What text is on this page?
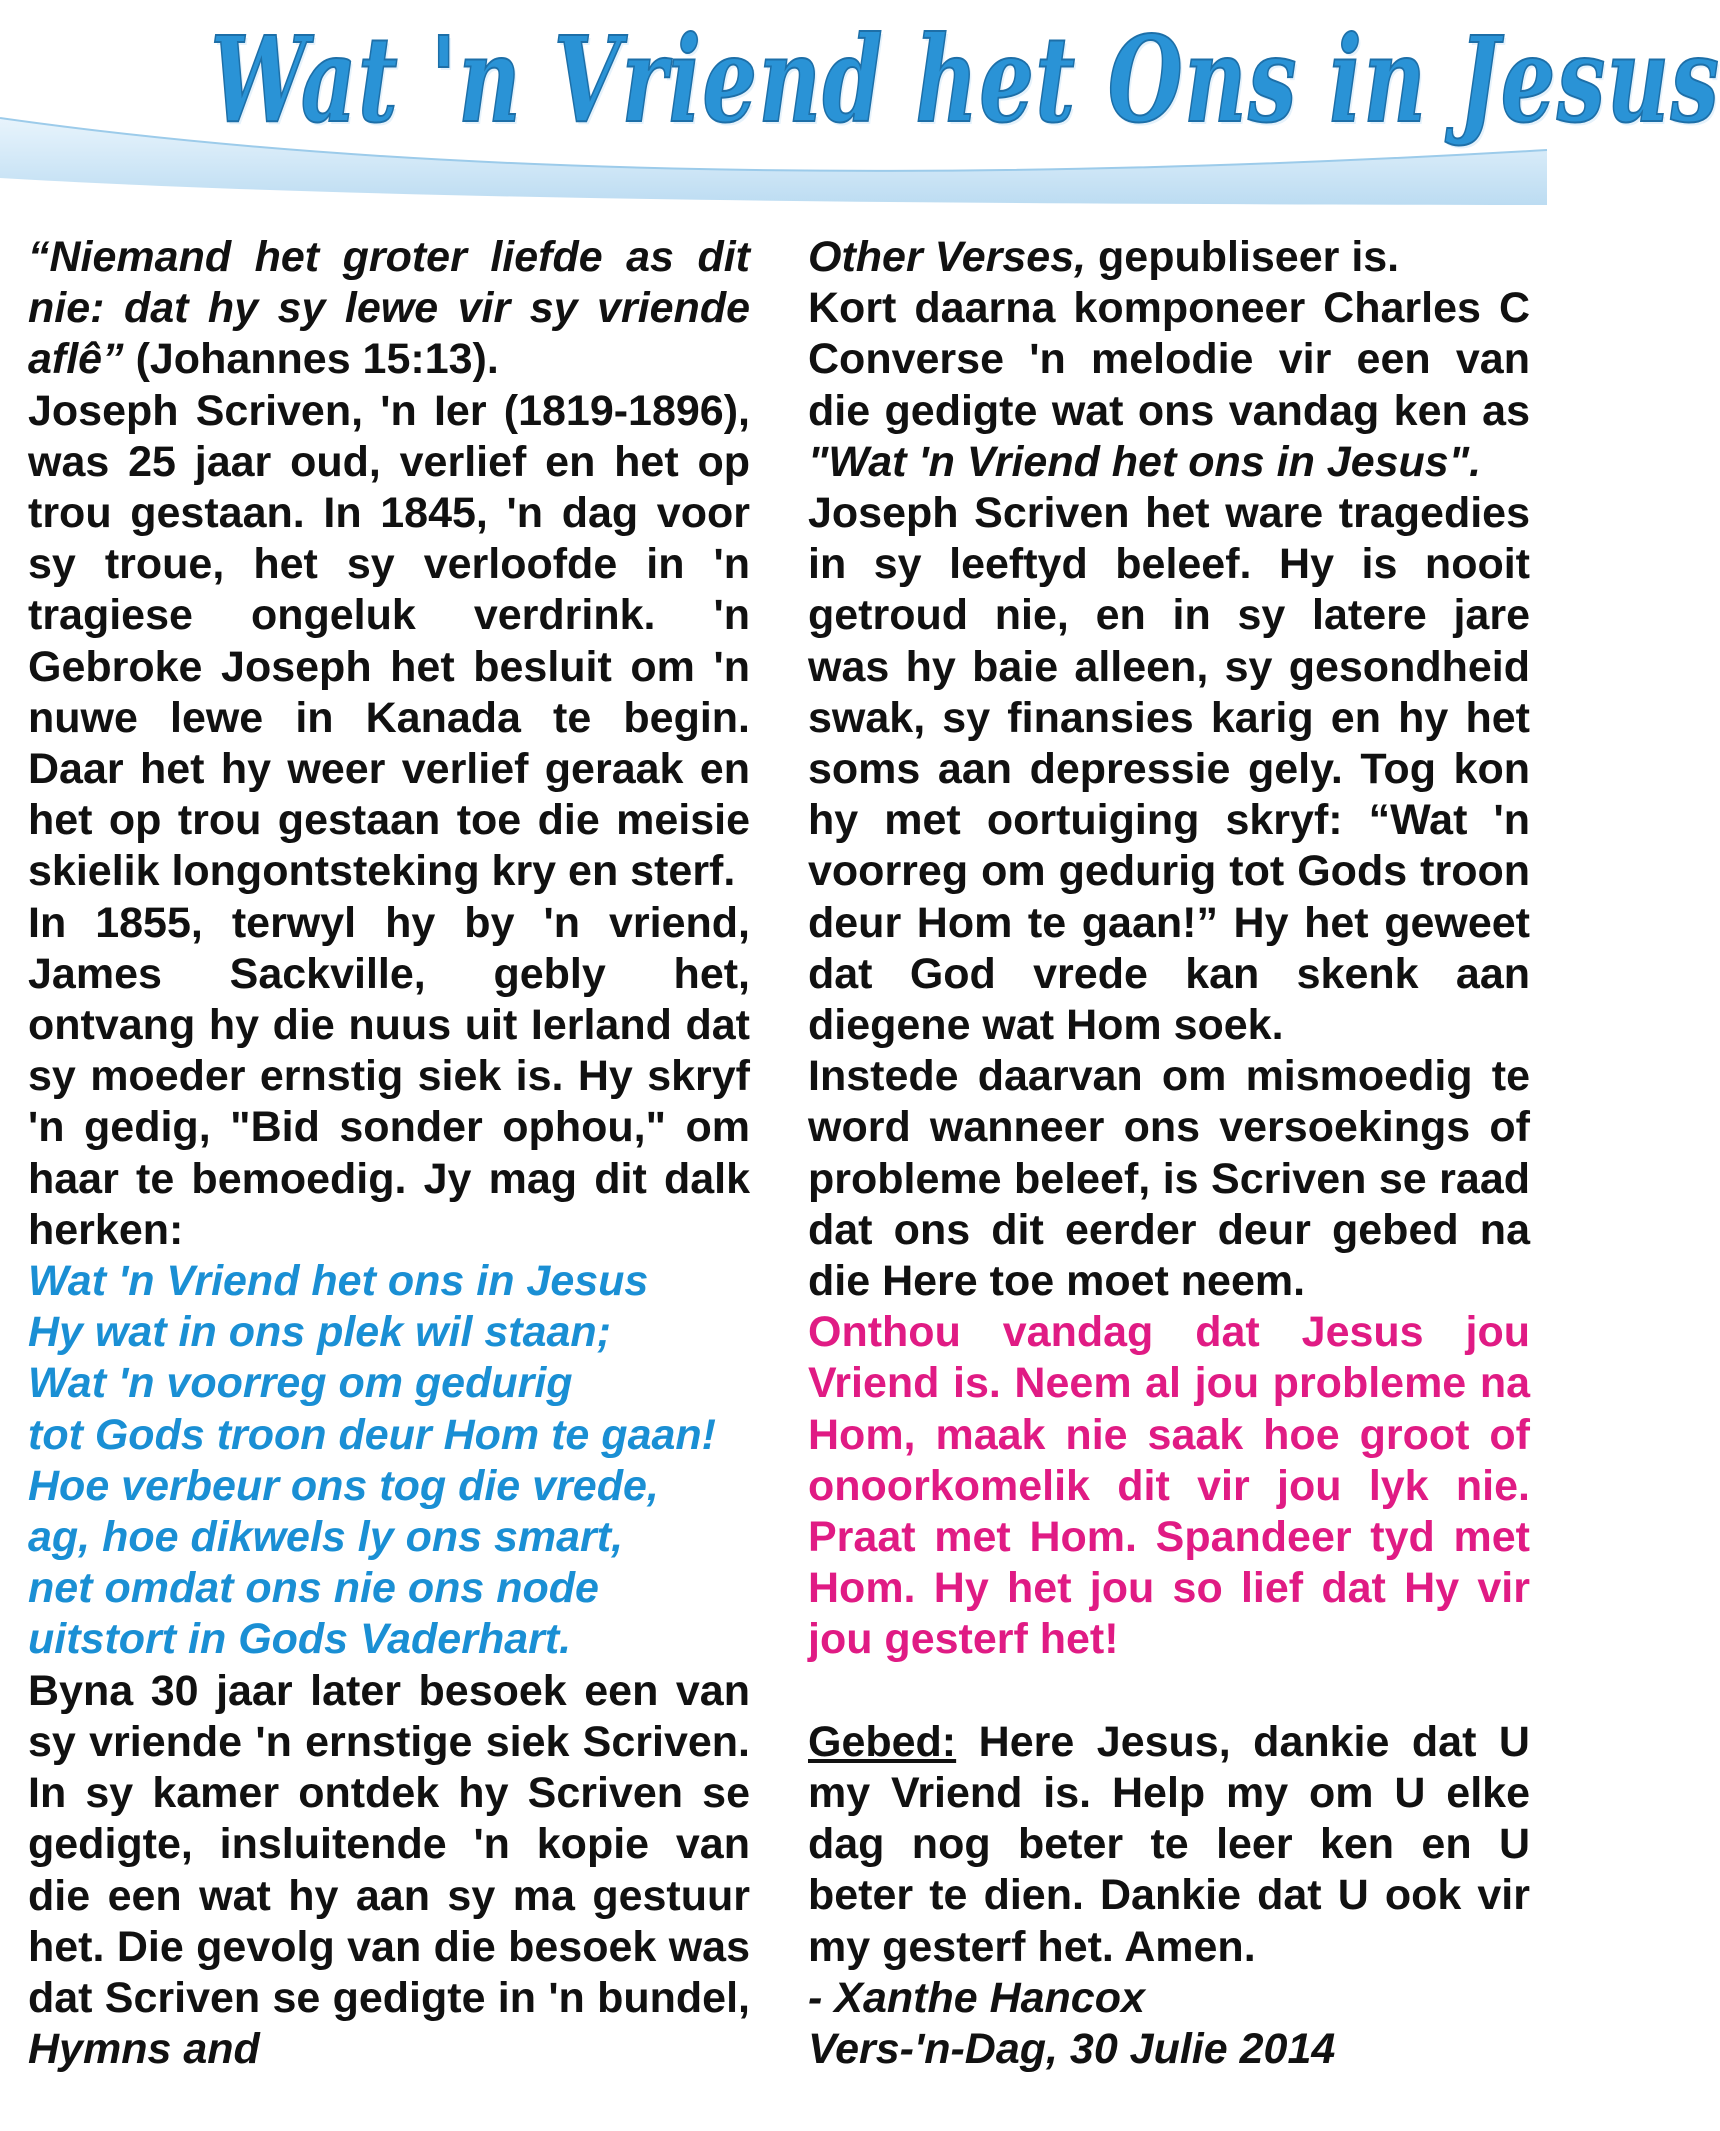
Wat 'n Vriend het Ons in Jesus

“Niemand het groter liefde as dit nie: dat hy sy lewe vir sy vriende aflê” (Johannes 15:13).

Joseph Scriven, 'n Ier (1819-1896), was 25 jaar oud, verlief en het op trou gestaan. In 1845, 'n dag voor sy troue, het sy verloofde in 'n tragiese ongeluk verdrink. 'n Gebroke Joseph het besluit om 'n nuwe lewe in Kanada te begin. Daar het hy weer verlief geraak en het op trou gestaan toe die meisie skielik longontsteking kry en sterf.

In 1855, terwyl hy by 'n vriend, James Sackville, gebly het, ontvang hy die nuus uit Ierland dat sy moeder ernstig siek is. Hy skryf 'n gedig, "Bid sonder ophou," om haar te bemoedig. Jy mag dit dalk herken:

Wat 'n Vriend het ons in Jesus
Hy wat in ons plek wil staan;
Wat 'n voorreg om gedurig
tot Gods troon deur Hom te gaan!
Hoe verbeur ons tog die vrede,
ag, hoe dikwels ly ons smart,
net omdat ons nie ons node
uitstort in Gods Vaderhart.

Byna 30 jaar later besoek een van sy vriende 'n ernstige siek Scriven. In sy kamer ontdek hy Scriven se gedigte, insluitende 'n kopie van die een wat hy aan sy ma gestuur het. Die gevolg van die besoek was dat Scriven se gedigte in 'n bundel, Hymns and

Other Verses, gepubliseer is.

Kort daarna komponeer Charles C Converse 'n melodie vir een van die gedigte wat ons vandag ken as "Wat 'n Vriend het ons in Jesus".

Joseph Scriven het ware tragedies in sy leeftyd beleef. Hy is nooit getroud nie, en in sy latere jare was hy baie alleen, sy gesondheid swak, sy finansies karig en hy het soms aan depressie gely. Tog kon hy met oortuiging skryf: “Wat 'n voorreg om gedurig tot Gods troon deur Hom te gaan!” Hy het geweet dat God vrede kan skenk aan diegene wat Hom soek.

Instede daarvan om mismoedig te word wanneer ons versoekings of probleme beleef, is Scriven se raad dat ons dit eerder deur gebed na die Here toe moet neem.

Onthou vandag dat Jesus jou Vriend is. Neem al jou probleme na Hom, maak nie saak hoe groot of onoorkomelik dit vir jou lyk nie. Praat met Hom. Spandeer tyd met Hom. Hy het jou so lief dat Hy vir jou gesterf het!

Gebed: Here Jesus, dankie dat U my Vriend is. Help my om U elke dag nog beter te leer ken en U beter te dien. Dankie dat U ook vir my gesterf het. Amen.

- Xanthe Hancox
Vers-'n-Dag, 30 Julie 2014
